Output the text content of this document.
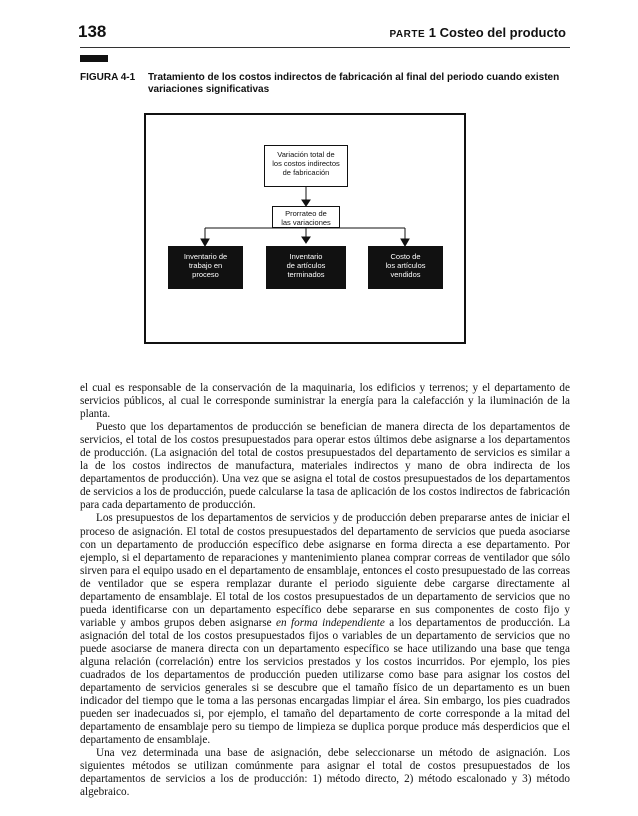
138	PARTE 1 Costeo del producto
FIGURA 4-1 Tratamiento de los costos indirectos de fabricación al final del periodo cuando existen variaciones significativas
Variación total de
los costos indirectos
de fabricación
Prorrateo de
las variaciones
Inventario de
trabajo en
proceso
Inventario
de artículos
terminados
Costo de
los artículos
vendidos

el cual es responsable de la conservación de la maquinaria, los edificios y terrenos; y el departamento de servicios públicos, al cual le corresponde suministrar la energía para la calefacción y la iluminación de la planta.

Puesto que los departamentos de producción se benefician de manera directa de los departamentos de servicios, el total de los costos presupuestados para operar estos últimos debe asignarse a los departamentos de producción. (La asignación del total de costos presupuestados del departamento de servicios es similar a la de los costos indirectos de manufactura, materiales indirectos y mano de obra indirecta de los departamentos de producción). Una vez que se asigna el total de costos presupuestados de los departamentos de servicios a los de producción, puede calcularse la tasa de aplicación de los costos indirectos de fabricación para cada departamento de producción.

Los presupuestos de los departamentos de servicios y de producción deben prepararse antes de iniciar el proceso de asignación. El total de costos presupuestados del departamento de servicios que pueda asociarse con un departamento de producción específico debe asignarse en forma directa a ese departamento. Por ejemplo, si el departamento de reparaciones y mantenimiento planea comprar correas de ventilador que sólo sirven para el equipo usado en el departamento de ensamblaje, entonces el costo presupuestado de las correas de ventilador que se espera remplazar durante el periodo siguiente debe cargarse directamente al departamento de ensamblaje. El total de los costos presupuestados de un departamento de servicios que no pueda identificarse con un departamento específico debe separarse en sus componentes de costo fijo y variable y ambos grupos deben asignarse en forma independiente a los departamentos de producción. La asignación del total de los costos presupuestados fijos o variables de un departamento de servicios que no puede asociarse de manera directa con un departamento específico se hace utilizando una base que tenga alguna relación (correlación) entre los servicios prestados y los costos incurridos. Por ejemplo, los pies cuadrados de los departamentos de producción pueden utilizarse como base para asignar los costos del departamento de servicios generales si se descubre que el tamaño físico de un departamento es un buen indicador del tiempo que le toma a las personas encargadas limpiar el área. Sin embargo, los pies cuadrados pueden ser inadecuados si, por ejemplo, el tamaño del departamento de corte corresponde a la mitad del departamento de ensamblaje pero su tiempo de limpieza se duplica porque produce más desperdicios que el departamento de ensamblaje.

Una vez determinada una base de asignación, debe seleccionarse un método de asignación. Los siguientes métodos se utilizan comúnmente para asignar el total de costos presupuestados de los departamentos de servicios a los de producción: 1) método directo, 2) método escalonado y 3) método algebraico.
